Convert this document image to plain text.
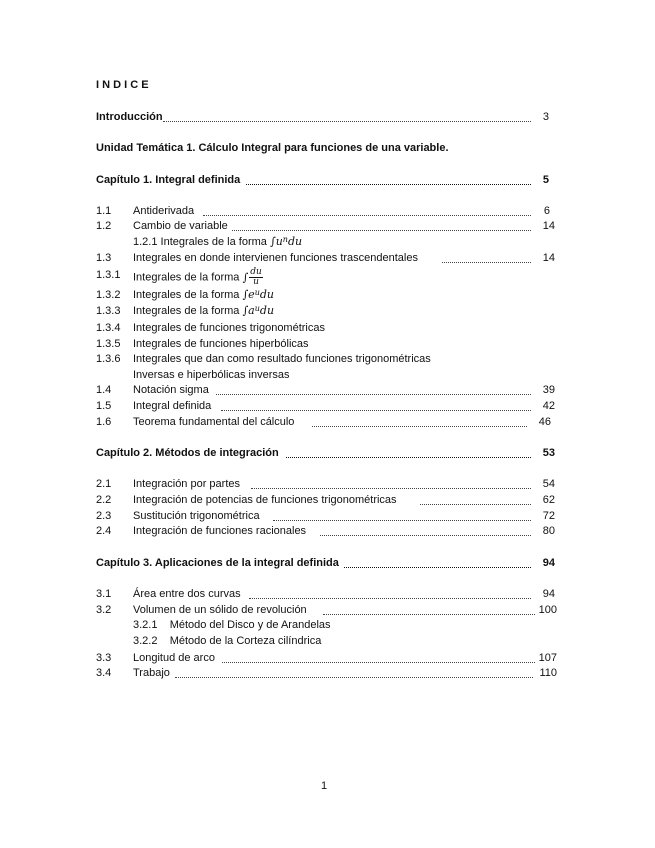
I N D I C E
Introducción	3
Unidad Temática 1. Cálculo Integral para funciones de una variable.
Capítulo 1. Integral definida	5
1.1 Antiderivada	6
1.2 Cambio de variable	14
1.2.1 Integrales de la forma $\int u^ndu$
1.3 Integrales en donde intervienen funciones trascendentales	14
1.3.1 Integrales de la forma ∫ $\frac{du}{u}$
1.3.2 Integrales de la forma $\int e^udu$
1.3.3 Integrales de la forma $\int a^udu$
1.3.4 Integrales de funciones trigonométricas
1.3.5 Integrales de funciones hiperbólicas
1.3.6 Integrales que dan como resultado funciones trigonométricas
Inversas e hiperbólicas inversas
1.4 Notación sigma	39
1.5 Integral definida	42
1.6 Teorema fundamental del cálculo	46
Capítulo 2. Métodos de integración	53
2.1 Integración por partes	54
2.2 Integración de potencias de funciones trigonométricas	62
2.3 Sustitución trigonométrica	72
2.4 Integración de funciones racionales	80
Capítulo 3. Aplicaciones de la integral definida	94
3.1 Área entre dos curvas	94
3.2 Volumen de un sólido de revolución	100
3.2.1    Método del Disco y de Arandelas
3.2.2    Método de la Corteza cilíndrica
3.3 Longitud de arco	107
3.4 Trabajo	110
1
